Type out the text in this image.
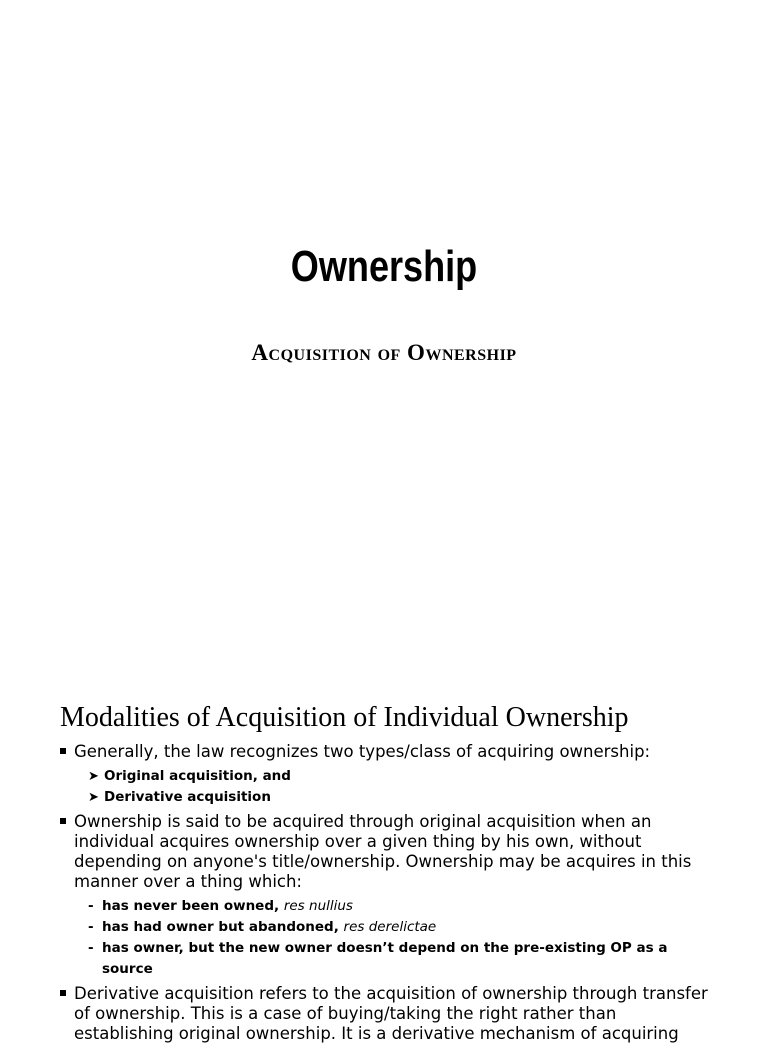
Ownership
Acquisition of Ownership
Modalities of Acquisition of Individual Ownership
Generally, the law recognizes two types/class of acquiring ownership:
➤ Original acquisition, and
➤ Derivative acquisition
Ownership is said to be acquired through original acquisition when an individual acquires ownership over a given thing by his own, without depending on anyone's title/ownership. Ownership may be acquires in this manner over a thing which:
- has never been owned, res nullius
- has had owner but abandoned, res derelictae
- has owner, but the new owner doesn’t depend on the pre-existing OP as a source
Derivative acquisition refers to the acquisition of ownership through transfer of ownership. This is a case of buying/taking the right rather than establishing original ownership. It is a derivative mechanism of acquiring
